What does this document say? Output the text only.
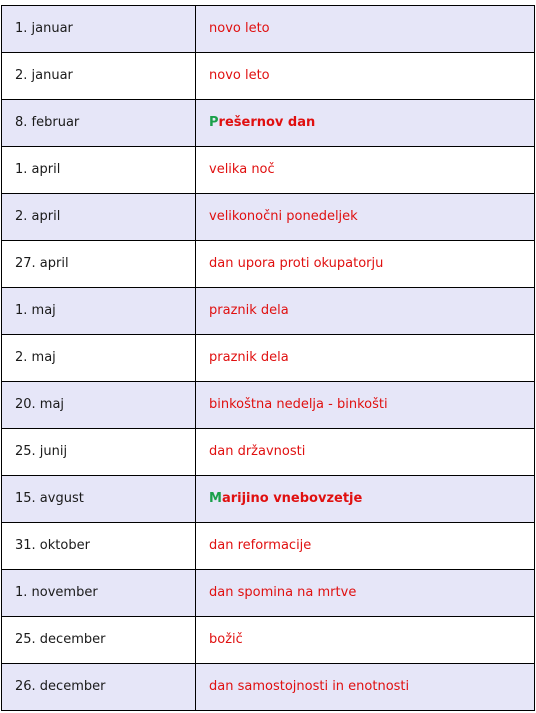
1. januar	novo leto
2. januar	novo leto
8. februar	Prešernov dan
1. april	velika noč
2. april	velikonočni ponedeljek
27. april	dan upora proti okupatorju
1. maj	praznik dela
2. maj	praznik dela
20. maj	binkoštna nedelja - binkošti
25. junij	dan državnosti
15. avgust	Marijino vnebovzetje
31. oktober	dan reformacije
1. november	dan spomina na mrtve
25. december	božič
26. december	dan samostojnosti in enotnosti
